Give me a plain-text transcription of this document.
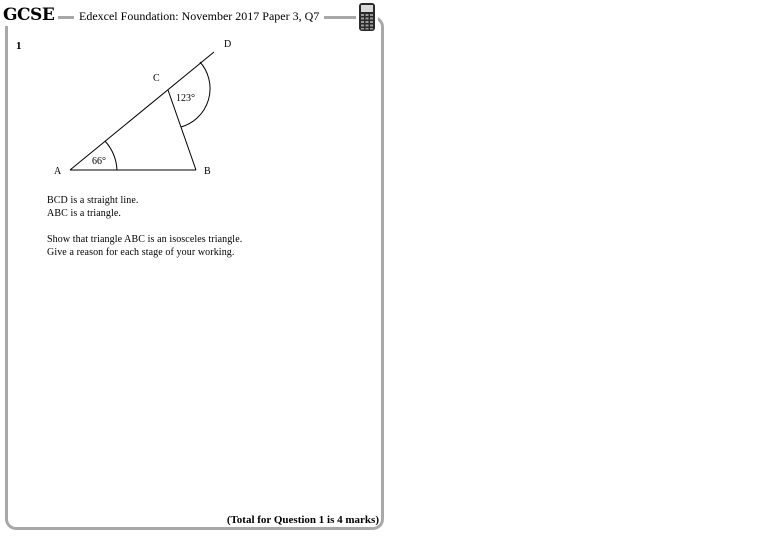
GCSE	Edexcel Foundation: November 2017 Paper 3, Q7
1
A	B
C
D
66°
123°

BCD is a straight line.

ABC is a triangle.

Show that triangle ABC is an isosceles triangle.

Give a reason for each stage of your working.

(Total for Question 1 is 4 marks)
